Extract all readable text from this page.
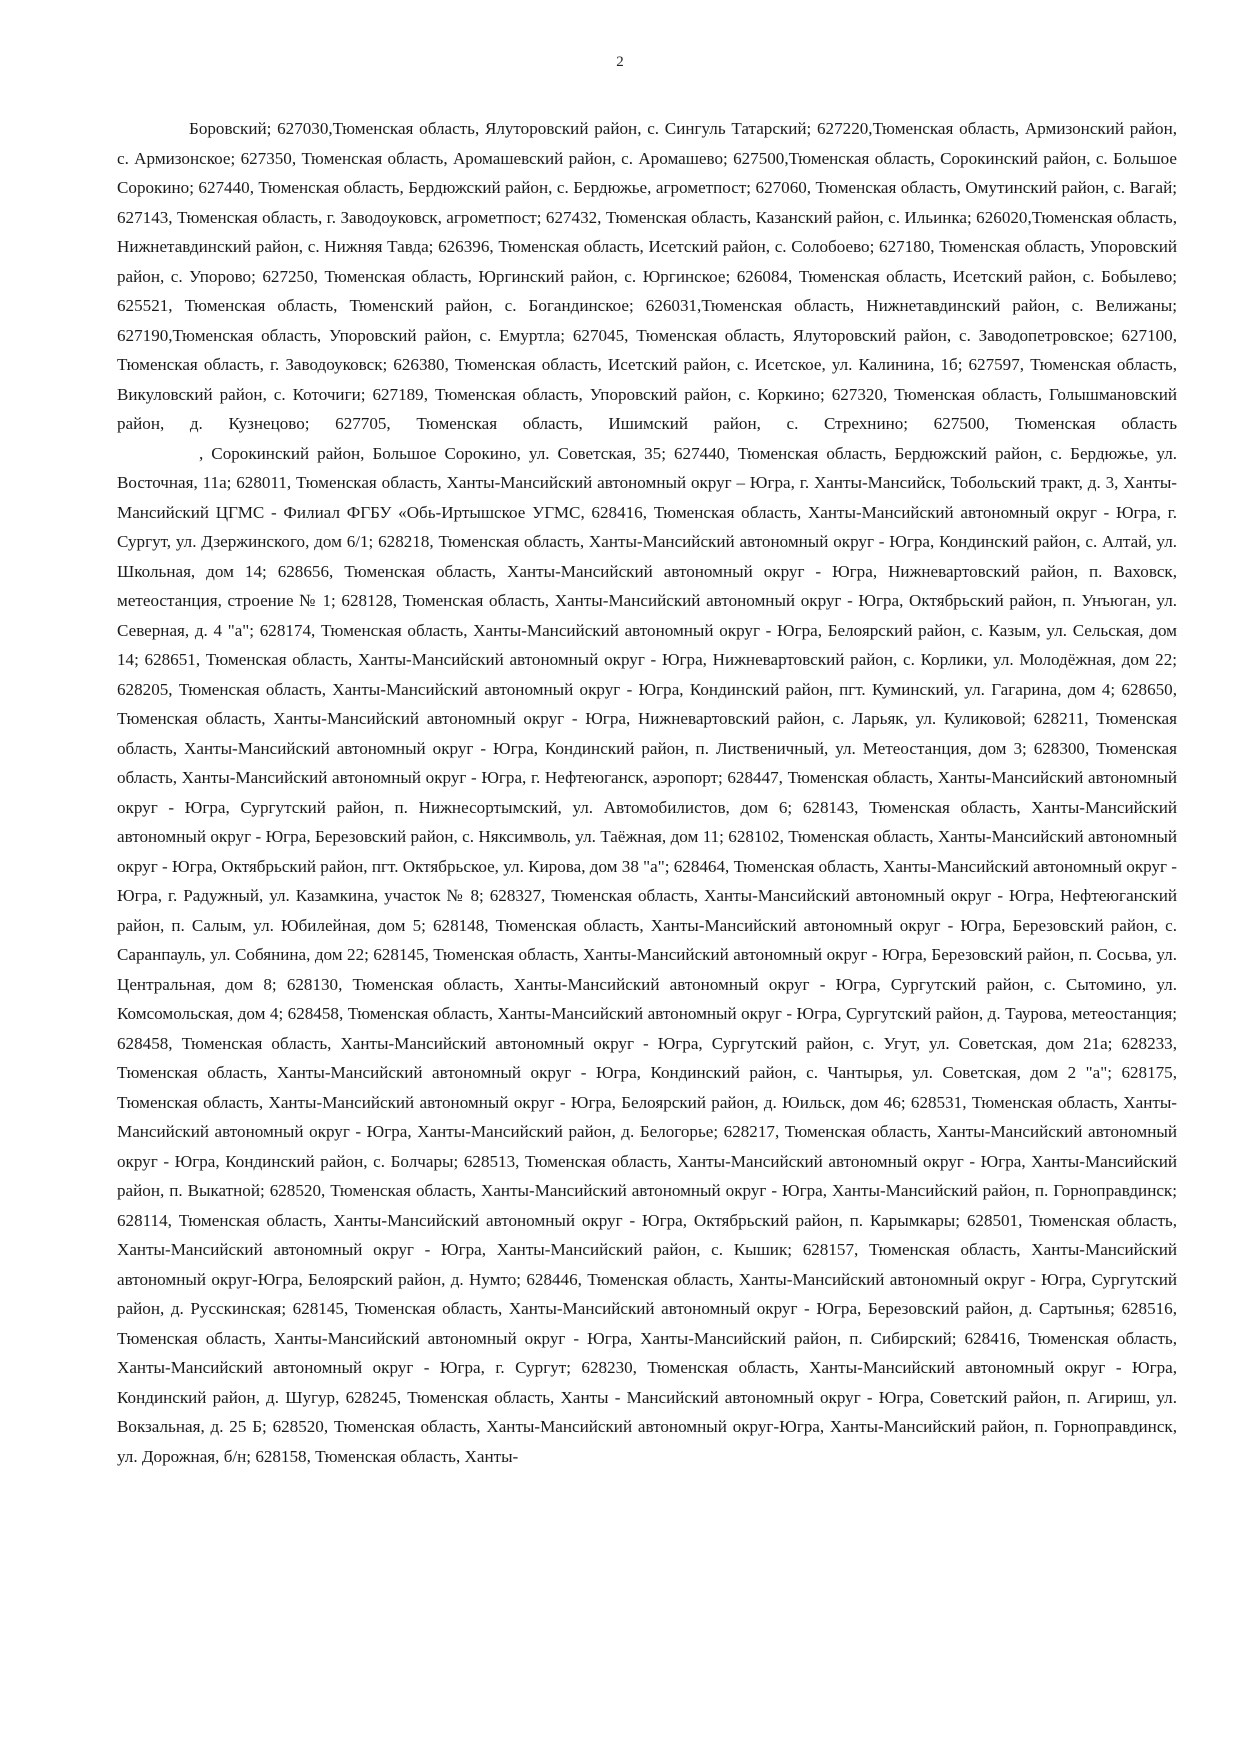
2

Боровский; 627030,Тюменская область, Ялуторовский район, с. Сингуль Татарский; 627220,Тюменская область, Армизонский район, с. Армизонское; 627350, Тюменская область, Аромашевский район, с. Аромашево; 627500,Тюменская область, Сорокинский район, с. Большое Сорокино; 627440, Тюменская область, Бердюжский район, с. Бердюжье, агрометпост; 627060, Тюменская область, Омутинский район, с. Вагай; 627143, Тюменская область, г. Заводоуковск, агрометпост; 627432, Тюменская область, Казанский район, с. Ильинка; 626020,Тюменская область, Нижнетавдинский район, с. Нижняя Тавда; 626396, Тюменская область, Исетский район, с. Солобоево; 627180, Тюменская область, Упоровский район, с. Упорово; 627250, Тюменская область, Юргинский район, с. Юргинское; 626084, Тюменская область, Исетский район, с. Бобылево; 625521, Тюменская область, Тюменский район, с. Богандинское; 626031,Тюменская область, Нижнетавдинский район, с. Велижаны; 627190,Тюменская область, Упоровский район, с. Емуртла; 627045, Тюменская область, Ялуторовский район, с. Заводопетровское; 627100, Тюменская область, г. Заводоуковск; 626380, Тюменская область, Исетский район, с. Исетское, ул. Калинина, 1б; 627597, Тюменская область, Викуловский район, с. Коточиги; 627189, Тюменская область, Упоровский район, с. Коркино; 627320, Тюменская область, Голышмановский район, д. Кузнецово; 627705, Тюменская область, Ишимский район, с. Стрехнино; 627500, Тюменская область

, Сорокинский район, Большое Сорокино, ул. Советская, 35; 627440, Тюменская область, Бердюжский район, с. Бердюжье, ул. Восточная, 11а; 628011, Тюменская область, Ханты-Мансийский автономный округ – Югра, г. Ханты-Мансийск, Тобольский тракт, д. 3, Ханты-Мансийский ЦГМС - Филиал ФГБУ «Обь-Иртышское УГМС, 628416, Тюменская область, Ханты-Мансийский автономный округ - Югра, г. Сургут, ул. Дзержинского, дом 6/1; 628218, Тюменская область, Ханты-Мансийский автономный округ - Югра, Кондинский район, с. Алтай, ул. Школьная, дом 14; 628656, Тюменская область, Ханты-Мансийский автономный округ - Югра, Нижневартовский район, п. Ваховск, метеостанция, строение № 1; 628128, Тюменская область, Ханты-Мансийский автономный округ - Югра, Октябрьский район, п. Унъюган, ул. Северная, д. 4 "а"; 628174, Тюменская область, Ханты-Мансийский автономный округ - Югра, Белоярский район, с. Казым, ул. Сельская, дом 14; 628651, Тюменская область, Ханты-Мансийский автономный округ - Югра, Нижневартовский район, с. Корлики, ул. Молодёжная, дом 22; 628205, Тюменская область, Ханты-Мансийский автономный округ - Югра, Кондинский район, пгт. Куминский, ул. Гагарина, дом 4; 628650, Тюменская область, Ханты-Мансийский автономный округ - Югра, Нижневартовский район, с. Ларьяк, ул. Куликовой; 628211, Тюменская область, Ханты-Мансийский автономный округ - Югра, Кондинский район, п. Лиственичный, ул. Метеостанция, дом 3; 628300, Тюменская область, Ханты-Мансийский автономный округ - Югра, г. Нефтеюганск, аэропорт; 628447, Тюменская область, Ханты-Мансийский автономный округ - Югра, Сургутский район, п. Нижнесортымский, ул. Автомобилистов, дом 6; 628143, Тюменская область, Ханты-Мансийский автономный округ - Югра, Березовский район, с. Няксимволь, ул. Таёжная, дом 11; 628102, Тюменская область, Ханты-Мансийский автономный округ - Югра, Октябрьский район, пгт. Октябрьское, ул. Кирова, дом 38 "а"; 628464, Тюменская область, Ханты-Мансийский автономный округ - Югра, г. Радужный, ул. Казамкина, участок № 8; 628327, Тюменская область, Ханты-Мансийский автономный округ - Югра, Нефтеюганский район, п. Салым, ул. Юбилейная, дом 5; 628148, Тюменская область, Ханты-Мансийский автономный округ - Югра, Березовский район, с. Саранпауль, ул. Собянина, дом 22; 628145, Тюменская область, Ханты-Мансийский автономный округ - Югра, Березовский район, п. Сосьва, ул. Центральная, дом 8; 628130, Тюменская область, Ханты-Мансийский автономный округ - Югра, Сургутский район, с. Сытомино, ул. Комсомольская, дом 4; 628458, Тюменская область, Ханты-Мансийский автономный округ - Югра, Сургутский район, д. Таурова, метеостанция; 628458, Тюменская область, Ханты-Мансийский автономный округ - Югра, Сургутский район, с. Угут, ул. Советская, дом 21а; 628233, Тюменская область, Ханты-Мансийский автономный округ - Югра, Кондинский район, с. Чантырья, ул. Советская, дом 2 "а"; 628175, Тюменская область, Ханты-Мансийский автономный округ - Югра, Белоярский район, д. Юильск, дом 46; 628531, Тюменская область, Ханты-Мансийский автономный округ - Югра, Ханты-Мансийский район, д. Белогорье; 628217, Тюменская область, Ханты-Мансийский автономный округ - Югра, Кондинский район, с. Болчары; 628513, Тюменская область, Ханты-Мансийский автономный округ - Югра, Ханты-Мансийский район, п. Выкатной; 628520, Тюменская область, Ханты-Мансийский автономный округ - Югра, Ханты-Мансийский район, п. Горноправдинск; 628114, Тюменская область, Ханты-Мансийский автономный округ - Югра, Октябрьский район, п. Карымкары; 628501, Тюменская область, Ханты-Мансийский автономный округ - Югра, Ханты-Мансийский район, с. Кышик; 628157, Тюменская область, Ханты-Мансийский автономный округ-Югра, Белоярский район, д. Нумто; 628446, Тюменская область, Ханты-Мансийский автономный округ - Югра, Сургутский район, д. Русскинская; 628145, Тюменская область, Ханты-Мансийский автономный округ - Югра, Березовский район, д. Сартынья; 628516, Тюменская область, Ханты-Мансийский автономный округ - Югра, Ханты-Мансийский район, п. Сибирский; 628416, Тюменская область, Ханты-Мансийский автономный округ - Югра, г. Сургут; 628230, Тюменская область, Ханты-Мансийский автономный округ - Югра, Кондинский район, д. Шугур, 628245, Тюменская область, Ханты - Мансийский автономный округ - Югра, Советский район, п. Агириш, ул. Вокзальная, д. 25 Б; 628520, Тюменская область, Ханты-Мансийский автономный округ-Югра, Ханты-Мансийский район, п. Горноправдинск, ул. Дорожная, б/н; 628158, Тюменская область, Ханты-
